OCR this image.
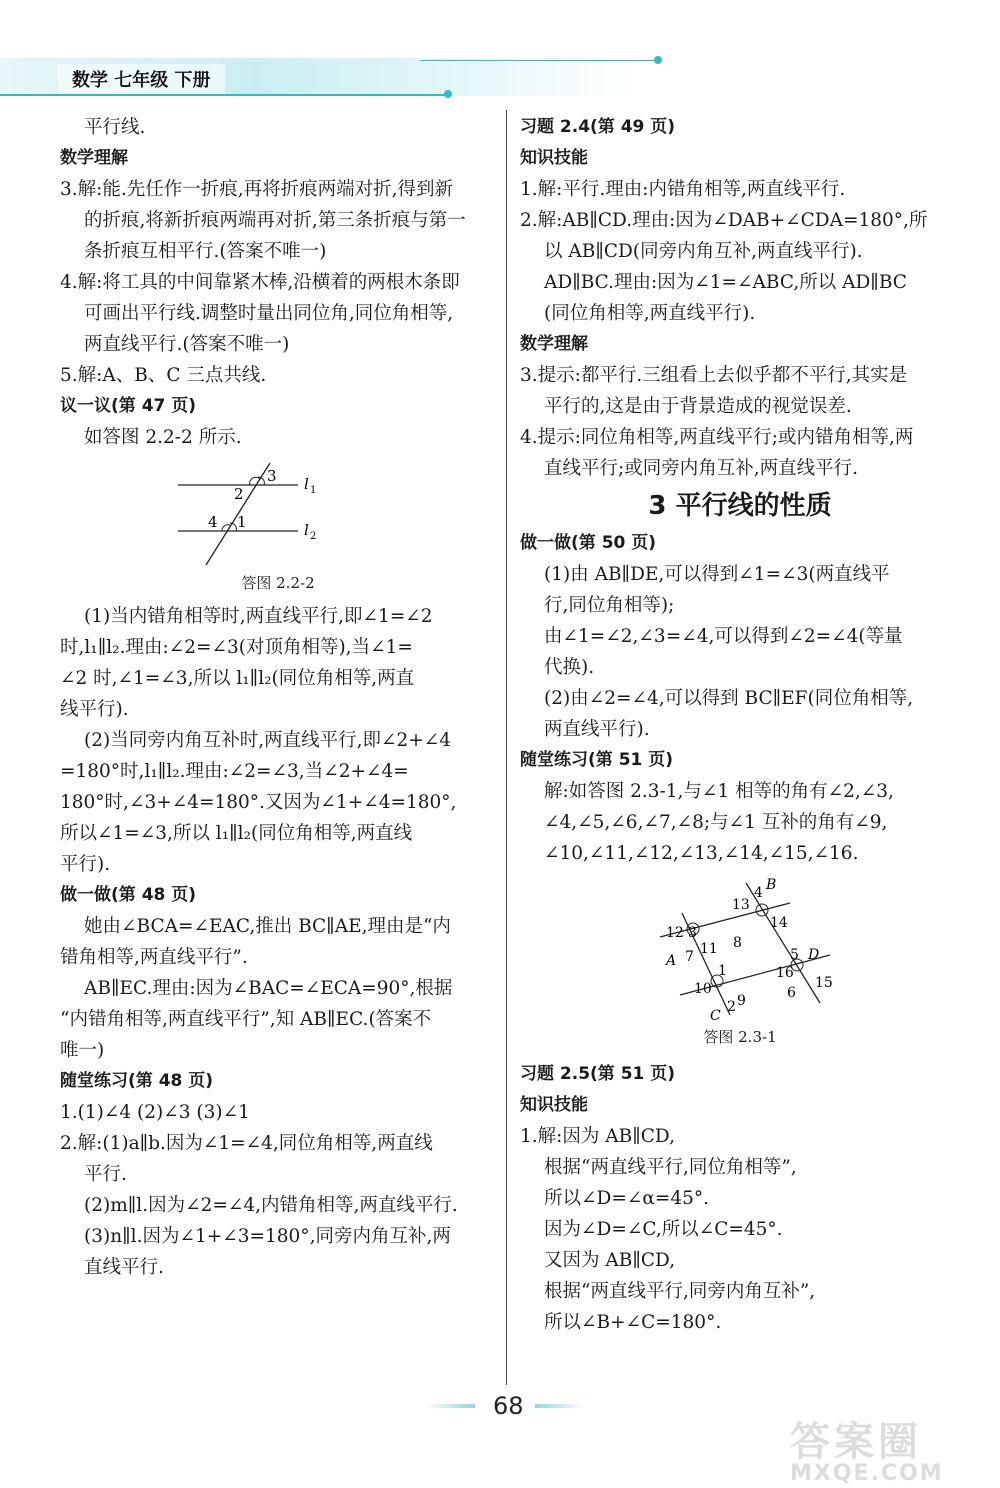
数学 七年级 下册
平行线.
数学理解
3.解:能.先任作一折痕,再将折痕两端对折,得到新
的折痕,将新折痕两端再对折,第三条折痕与第一
条折痕互相平行.(答案不唯一)
4.解:将工具的中间靠紧木棒,沿横着的两根木条即
可画出平行线.调整时量出同位角,同位角相等,
两直线平行.(答案不唯一)
5.解:A、B、C 三点共线.
议一议(第 47 页)
如答图 2.2-2 所示.
3
2
4 1
l 1
l 2
答图 2.2-2
(1)当内错角相等时,两直线平行,即∠1=∠2
时,l₁∥l₂.理由:∠2=∠3(对顶角相等),当∠1=
∠2 时,∠1=∠3,所以 l₁∥l₂(同位角相等,两直
线平行).
(2)当同旁内角互补时,两直线平行,即∠2+∠4
=180°时,l₁∥l₂.理由:∠2=∠3,当∠2+∠4=
180°时,∠3+∠4=180°.又因为∠1+∠4=180°,
所以∠1=∠3,所以 l₁∥l₂(同位角相等,两直线
平行).
做一做(第 48 页)
她由∠BCA=∠EAC,推出 BC∥AE,理由是“内
错角相等,两直线平行”.
AB∥EC.理由:因为∠BAC=∠ECA=90°,根据
“内错角相等,两直线平行”,知 AB∥EC.(答案不
唯一)
随堂练习(第 48 页)
1.(1)∠4 (2)∠3 (3)∠1
2.解:(1)a∥b.因为∠1=∠4,同位角相等,两直线
平行.
(2)m∥l.因为∠2=∠4,内错角相等,两直线平行.
(3)n∥l.因为∠1+∠3=180°,同旁内角互补,两
直线平行.
习题 2.4(第 49 页)
知识技能
1.解:平行.理由:内错角相等,两直线平行.
2.解:AB∥CD.理由:因为∠DAB+∠CDA=180°,所
以 AB∥CD(同旁内角互补,两直线平行).
AD∥BC.理由:因为∠1=∠ABC,所以 AD∥BC
(同位角相等,两直线平行).
数学理解
3.提示:都平行.三组看上去似乎都不平行,其实是
平行的,这是由于背景造成的视觉误差.
4.提示:同位角相等,两直线平行;或内错角相等,两
直线平行;或同旁内角互补,两直线平行.
3 平行线的性质
做一做(第 50 页)
(1)由 AB∥DE,可以得到∠1=∠3(两直线平
行,同位角相等);
由∠1=∠2,∠3=∠4,可以得到∠2=∠4(等量
代换).
(2)由∠2=∠4,可以得到 BC∥EF(同位角相等,
两直线平行).
随堂练习(第 51 页)
解:如答图 2.3-1,与∠1 相等的角有∠2,∠3,
∠4,∠5,∠6,∠7,∠8;与∠1 互补的角有∠9,
∠10,∠11,∠12,∠13,∠14,∠15,∠16.
B
4
13
14
12 3
8
A 7 11	5 D
16
15
10
1
6
C
2 9
答图 2.3-1
习题 2.5(第 51 页)
知识技能
1.解:因为 AB∥CD,
根据“两直线平行,同位角相等”,
所以∠D=∠α=45°.
因为∠D=∠C,所以∠C=45°.
又因为 AB∥CD,
根据“两直线平行,同旁内角互补”,
所以∠B+∠C=180°.
68
答案圈
MXQE.COM
